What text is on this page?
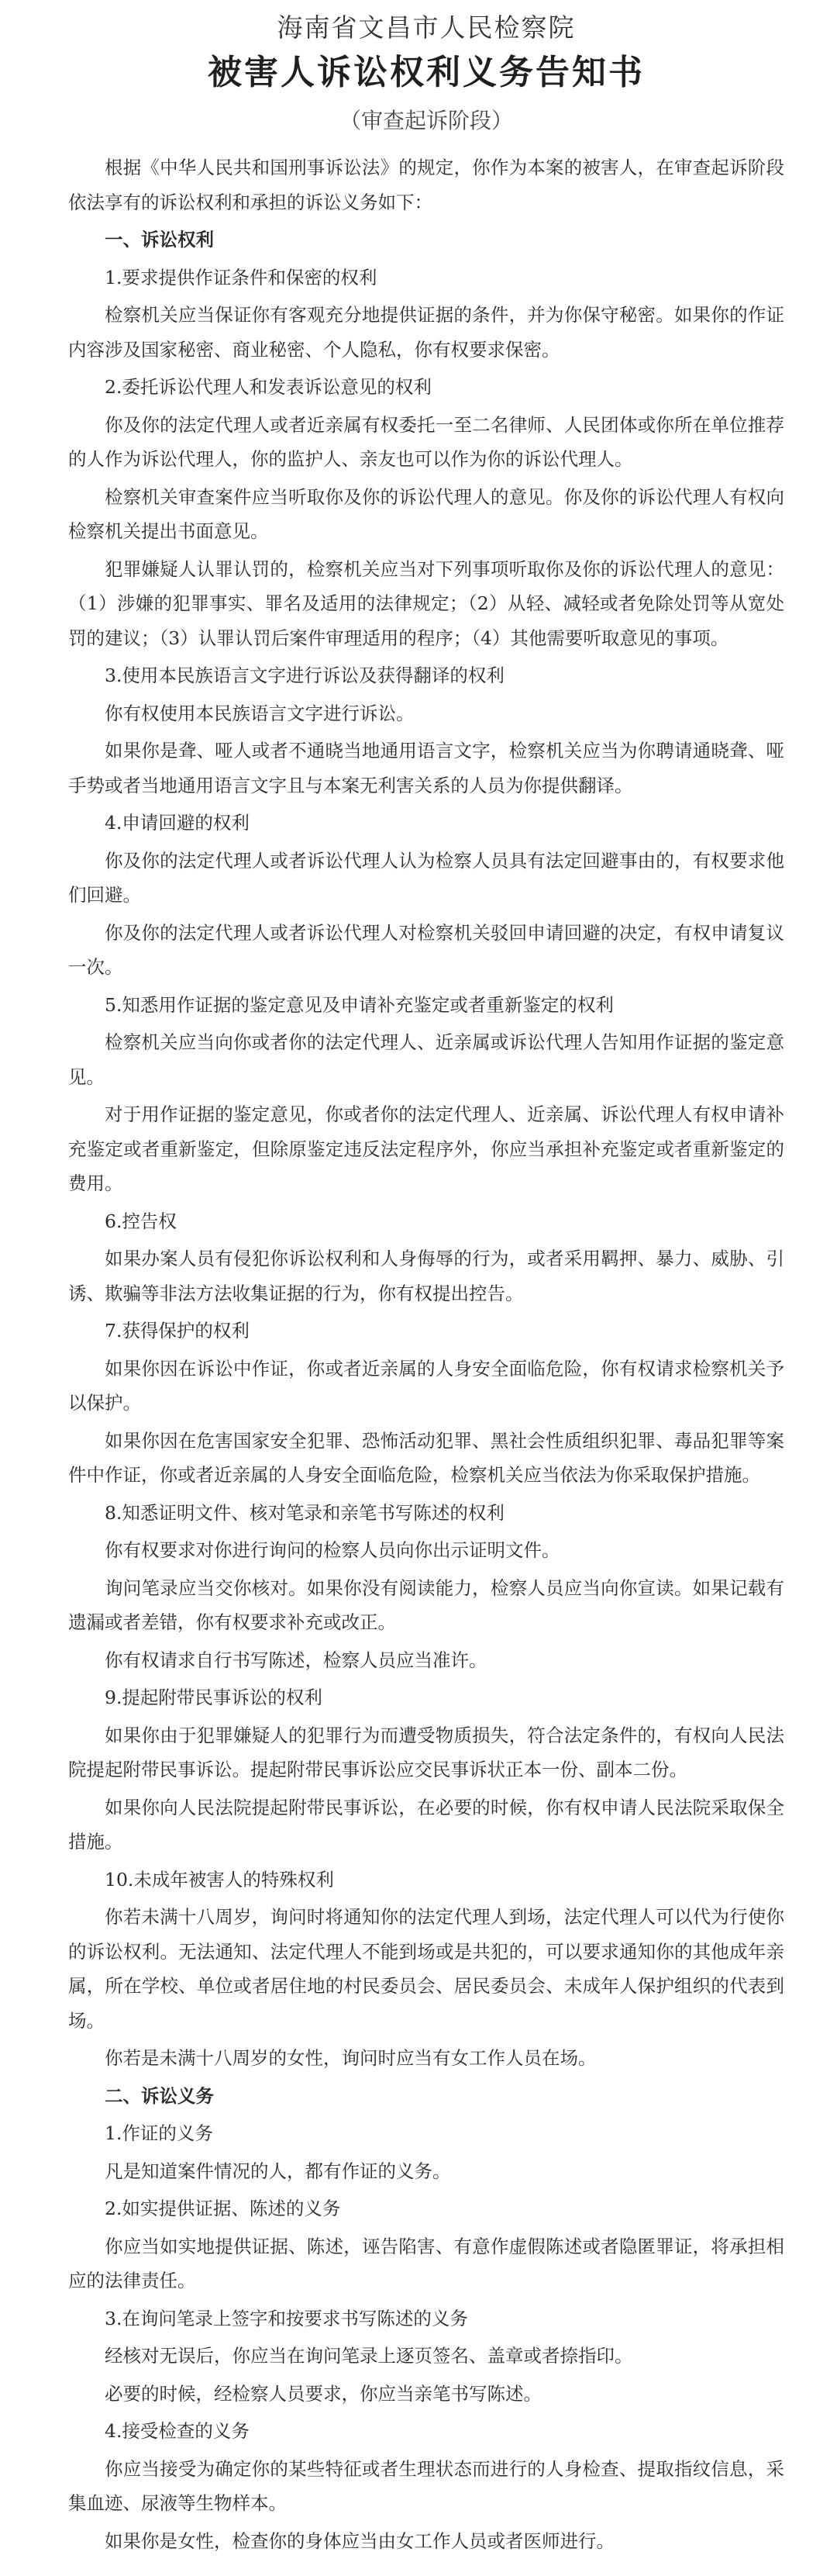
海南省文昌市人民检察院
被害人诉讼权利义务告知书
（审查起诉阶段）
根据《中华人民共和国刑事诉讼法》的规定，你作为本案的被害人，在审查起诉阶段依法享有的诉讼权利和承担的诉讼义务如下：
一、诉讼权利
1.要求提供作证条件和保密的权利
检察机关应当保证你有客观充分地提供证据的条件，并为你保守秘密。如果你的作证内容涉及国家秘密、商业秘密、个人隐私，你有权要求保密。
2.委托诉讼代理人和发表诉讼意见的权利
你及你的法定代理人或者近亲属有权委托一至二名律师、人民团体或你所在单位推荐的人作为诉讼代理人，你的监护人、亲友也可以作为你的诉讼代理人。
检察机关审查案件应当听取你及你的诉讼代理人的意见。你及你的诉讼代理人有权向检察机关提出书面意见。
犯罪嫌疑人认罪认罚的，检察机关应当对下列事项听取你及你的诉讼代理人的意见：（1）涉嫌的犯罪事实、罪名及适用的法律规定；（2）从轻、减轻或者免除处罚等从宽处罚的建议；（3）认罪认罚后案件审理适用的程序；（4）其他需要听取意见的事项。
3.使用本民族语言文字进行诉讼及获得翻译的权利
你有权使用本民族语言文字进行诉讼。
如果你是聋、哑人或者不通晓当地通用语言文字，检察机关应当为你聘请通晓聋、哑手势或者当地通用语言文字且与本案无利害关系的人员为你提供翻译。
4.申请回避的权利
你及你的法定代理人或者诉讼代理人认为检察人员具有法定回避事由的，有权要求他们回避。
你及你的法定代理人或者诉讼代理人对检察机关驳回申请回避的决定，有权申请复议一次。
5.知悉用作证据的鉴定意见及申请补充鉴定或者重新鉴定的权利
检察机关应当向你或者你的法定代理人、近亲属或诉讼代理人告知用作证据的鉴定意见。
对于用作证据的鉴定意见，你或者你的法定代理人、近亲属、诉讼代理人有权申请补充鉴定或者重新鉴定，但除原鉴定违反法定程序外，你应当承担补充鉴定或者重新鉴定的费用。
6.控告权
如果办案人员有侵犯你诉讼权利和人身侮辱的行为，或者采用羁押、暴力、威胁、引诱、欺骗等非法方法收集证据的行为，你有权提出控告。
7.获得保护的权利
如果你因在诉讼中作证，你或者近亲属的人身安全面临危险，你有权请求检察机关予以保护。
如果你因在危害国家安全犯罪、恐怖活动犯罪、黑社会性质组织犯罪、毒品犯罪等案件中作证，你或者近亲属的人身安全面临危险，检察机关应当依法为你采取保护措施。
8.知悉证明文件、核对笔录和亲笔书写陈述的权利
你有权要求对你进行询问的检察人员向你出示证明文件。
询问笔录应当交你核对。如果你没有阅读能力，检察人员应当向你宣读。如果记载有遗漏或者差错，你有权要求补充或改正。
你有权请求自行书写陈述，检察人员应当准许。
9.提起附带民事诉讼的权利
如果你由于犯罪嫌疑人的犯罪行为而遭受物质损失，符合法定条件的，有权向人民法院提起附带民事诉讼。提起附带民事诉讼应交民事诉状正本一份、副本二份。
如果你向人民法院提起附带民事诉讼，在必要的时候，你有权申请人民法院采取保全措施。
10.未成年被害人的特殊权利
你若未满十八周岁，询问时将通知你的法定代理人到场，法定代理人可以代为行使你的诉讼权利。无法通知、法定代理人不能到场或是共犯的，可以要求通知你的其他成年亲属，所在学校、单位或者居住地的村民委员会、居民委员会、未成年人保护组织的代表到场。
你若是未满十八周岁的女性，询问时应当有女工作人员在场。
二、诉讼义务
1.作证的义务
凡是知道案件情况的人，都有作证的义务。
2.如实提供证据、陈述的义务
你应当如实地提供证据、陈述，诬告陷害、有意作虚假陈述或者隐匿罪证，将承担相应的法律责任。
3.在询问笔录上签字和按要求书写陈述的义务
经核对无误后，你应当在询问笔录上逐页签名、盖章或者捺指印。
必要的时候，经检察人员要求，你应当亲笔书写陈述。
4.接受检查的义务
你应当接受为确定你的某些特征或者生理状态而进行的人身检查、提取指纹信息，采集血迹、尿液等生物样本。
如果你是女性，检查你的身体应当由女工作人员或者医师进行。
